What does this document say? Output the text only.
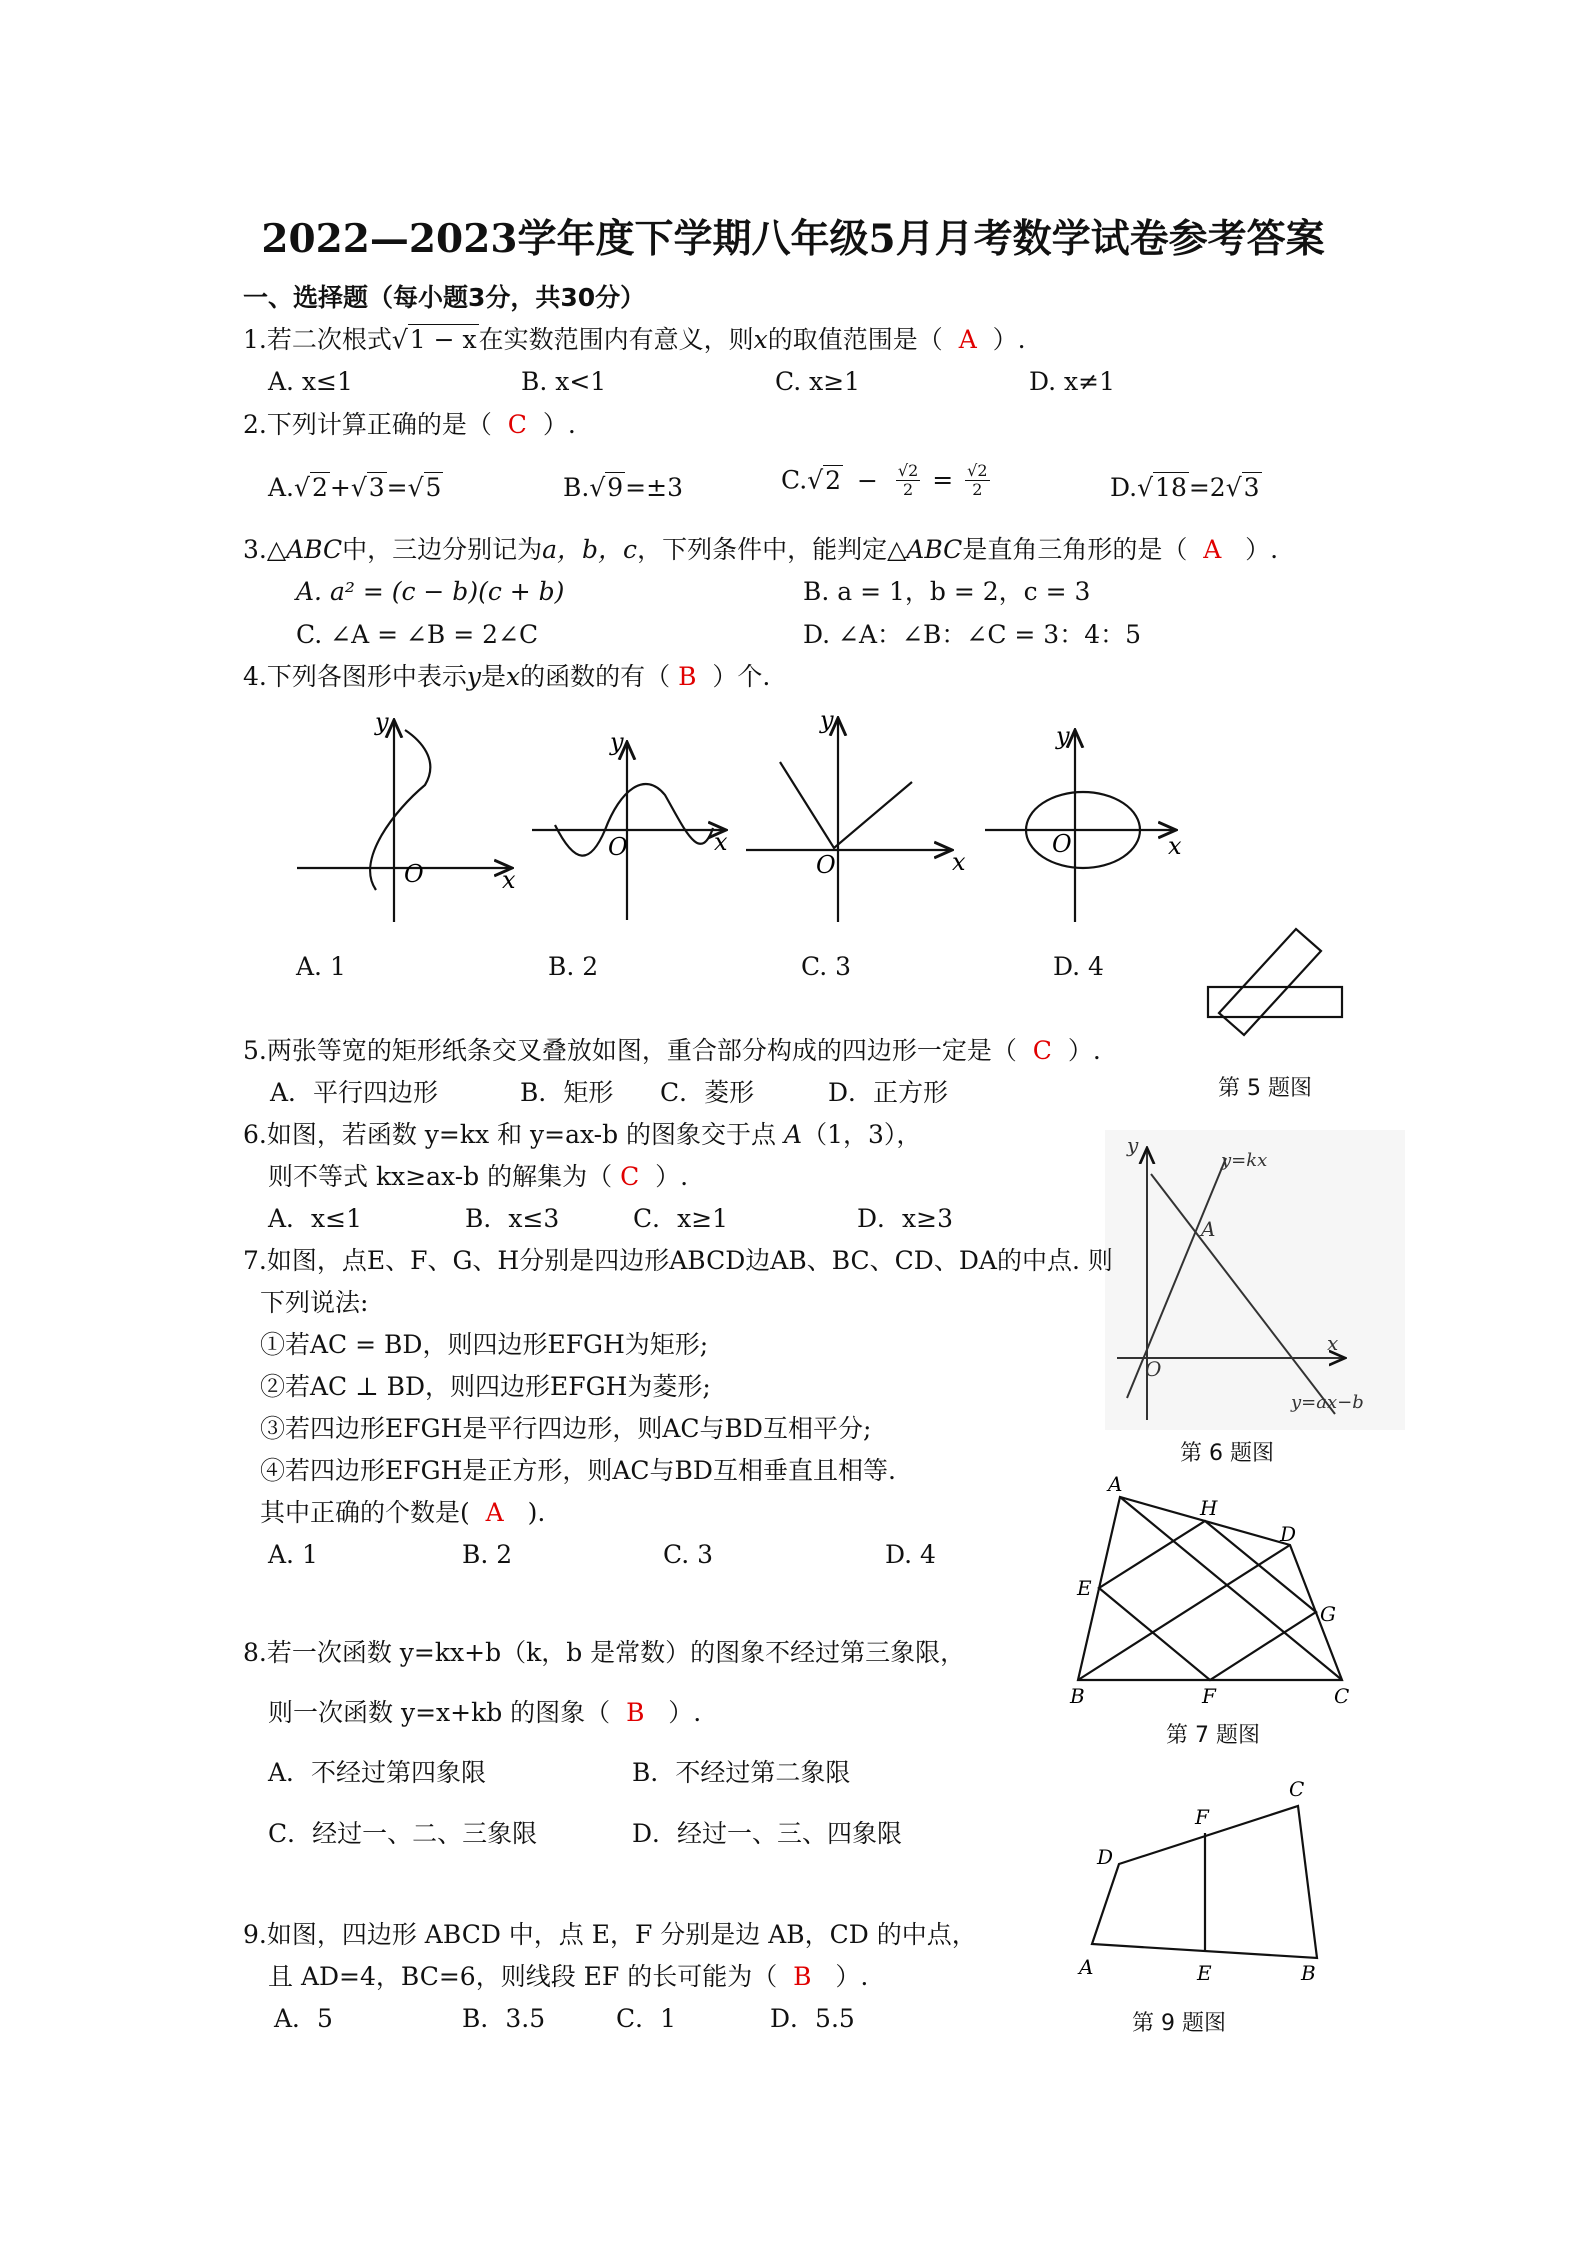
2022—2023学年度下学期八年级5月月考数学试卷参考答案
一、选择题（每小题3分，共30分）
1.若二次根式√1 − x在实数范围内有意义，则x的取值范围是（ A ）.
A. x≤1	B. x<1	C. x≥1	D. x≠1
2.下列计算正确的是（ C ）.
A.√2+√3=√5	B.√9=±3	$C.√2 - \frac{√2}{2} = \frac{√2}{2}$	D.√18=2√3
3.△ABC中，三边分别记为a，b，c，下列条件中，能判定△ABC是直角三角形的是（ A ）.
A. a² = (c − b)(c + b)	B. a = 1，b = 2，c = 3
C. ∠A = ∠B = 2∠C	D. ∠A：∠B：∠C = 3：4：5
4.下列各图形中表示y是x的函数的有（ B ）个.
y
O	x
y
O	x
y
O	x
y
O	x
A. 1	B. 2	C. 3	D. 4
第 5 题图
5.两张等宽的矩形纸条交叉叠放如图，重合部分构成的四边形一定是（ C ）.
A．平行四边形	B．矩形 C．菱形	D．正方形
6.如图，若函数 y=kx 和 y=ax-b 的图象交于点 A（1，3），
则不等式 kx≥ax-b 的解集为（ C ）.
A．x≤1	B．x≤3	C．x≥1	D．x≥3
O
y
x
A
y=kx
y=ax−b
第 6 题图
7.如图，点E、F、G、H分别是四边形ABCD边AB、BC、CD、DA的中点. 则
下列说法:
①若AC = BD，则四边形EFGH为矩形;
②若AC ⊥ BD，则四边形EFGH为菱形;
③若四边形EFGH是平行四边形，则AC与BD互相平分;
④若四边形EFGH是正方形，则AC与BD互相垂直且相等.
其中正确的个数是( A ).
A. 1	B. 2	C. 3	D. 4
A
H
D
E
G
B	F	C
第 7 题图
8.若一次函数 y=kx+b（k，b 是常数）的图象不经过第三象限，
则一次函数 y=x+kb 的图象（ B ）.
A．不经过第四象限	B．不经过第二象限
C．经过一、二、三象限	D．经过一、三、四象限
C
F
D
A	E	B
第 9 题图
9.如图，四边形 ABCD 中，点 E，F 分别是边 AB，CD 的中点，
且 AD=4，BC=6，则线段 EF 的长可能为（ B ）.
A．5	B．3.5	C．1	D．5.5
